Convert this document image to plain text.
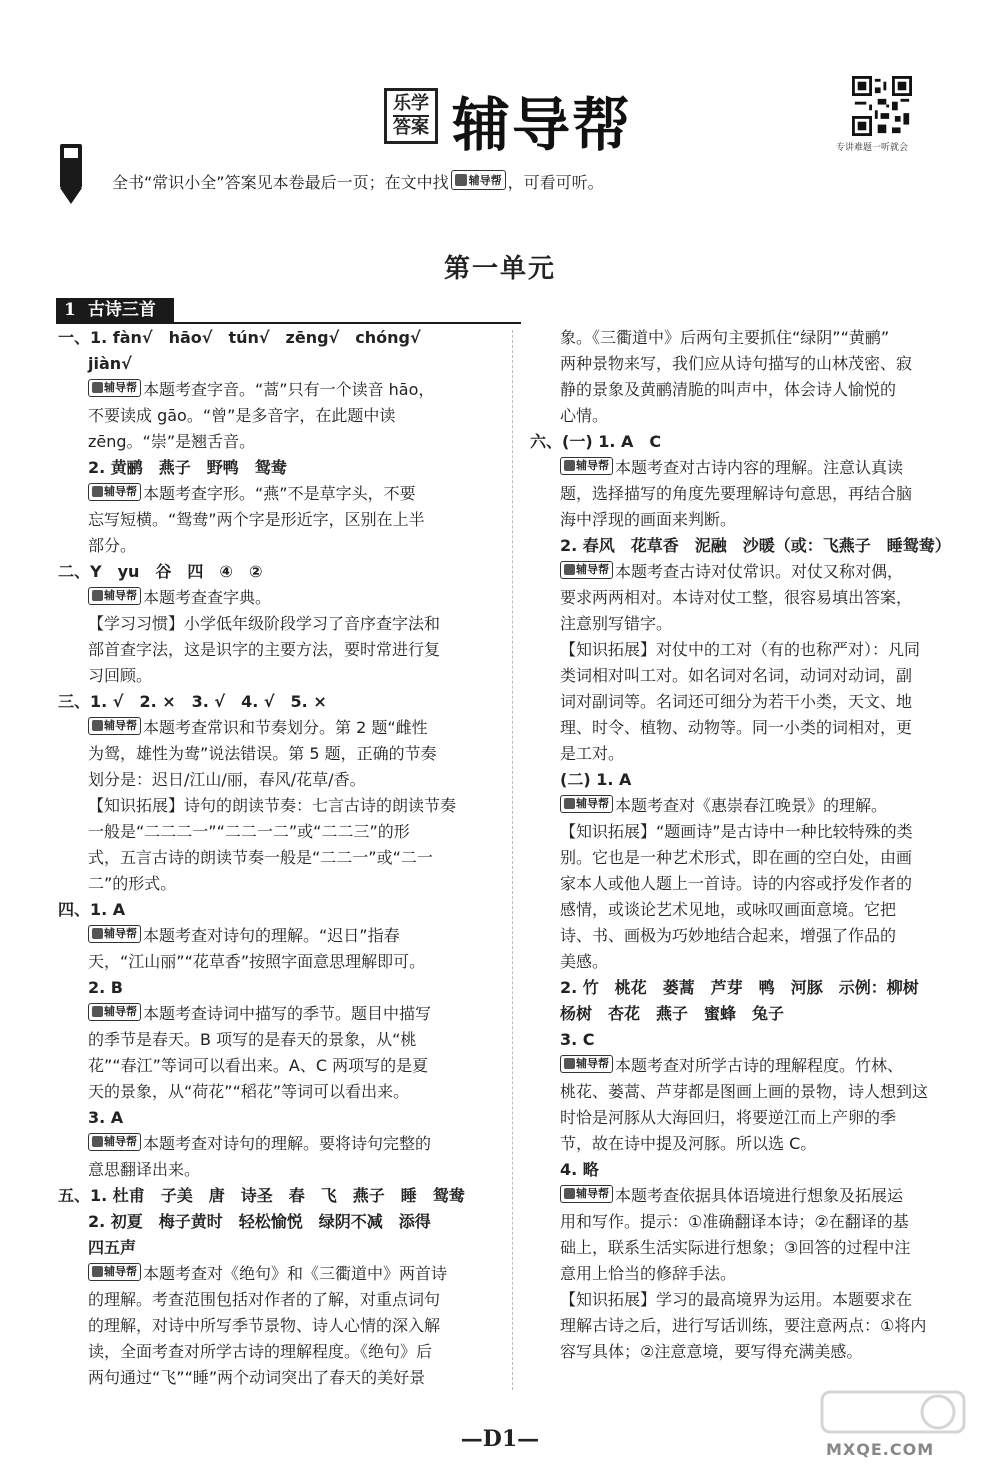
乐学
答案 辅导帮	专讲难题一听就会
全书“常识小全”答案见本卷最后一页；在文中找 辅导帮 ，可看可听。
第一单元
1 古诗三首

一、1. fàn√　hāo√　tún√　zēng√　chóng√

jiàn√

辅导帮 本题考查字音。“蒿”只有一个读音 hāo，

不要读成 gāo。“曾”是多音字，在此题中读

zēng。“崇”是翘舌音。

2. 黄鹂　燕子　野鸭　鸳鸯

辅导帮 本题考查字形。“燕”不是草字头，不要

忘写短横。“鸳鸯”两个字是形近字，区别在上半

部分。

二、Y　yu　谷　四　④　②

辅导帮 本题考查查字典。

【学习习惯】小学低年级阶段学习了音序查字法和

部首查字法，这是识字的主要方法，要时常进行复

习回顾。

三、1. √　2. ×　3. √　4. √　5. ×

辅导帮 本题考查常识和节奏划分。第 2 题“雌性

为鸳，雄性为鸯”说法错误。第 5 题，正确的节奏

划分是：迟日/江山/丽，春风/花草/香。

【知识拓展】诗句的朗读节奏：七言古诗的朗读节奏

一般是“二二二一”“二二一二”或“二二三”的形

式，五言古诗的朗读节奏一般是“二二一”或“二一

二”的形式。

四、1. A

辅导帮 本题考查对诗句的理解。“迟日”指春

天，“江山丽”“花草香”按照字面意思理解即可。

2. B

辅导帮 本题考查诗词中描写的季节。题目中描写

的季节是春天。B 项写的是春天的景象，从“桃

花”“春江”等词可以看出来。A、C 两项写的是夏

天的景象，从“荷花”“稻花”等词可以看出来。

3. A

辅导帮 本题考查对诗句的理解。要将诗句完整的

意思翻译出来。

五、1. 杜甫　子美　唐　诗圣　春　飞　燕子　睡　鸳鸯

2. 初夏　梅子黄时　轻松愉悦　绿阴不减　添得

四五声

辅导帮 本题考查对《绝句》和《三衢道中》两首诗

的理解。考查范围包括对作者的了解，对重点词句

的理解，对诗中所写季节景物、诗人心情的深入解

读，全面考查对所学古诗的理解程度。《绝句》后

两句通过“飞”“睡”两个动词突出了春天的美好景

象。《三衢道中》后两句主要抓住“绿阴”“黄鹂”

两种景物来写，我们应从诗句描写的山林茂密、寂

静的景象及黄鹂清脆的叫声中，体会诗人愉悦的

心情。

六、(一) 1. A　C

辅导帮 本题考查对古诗内容的理解。注意认真读

题，选择描写的角度先要理解诗句意思，再结合脑

海中浮现的画面来判断。

2. 春风　花草香　泥融　沙暖（或：飞燕子　睡鸳鸯）

辅导帮 本题考查古诗对仗常识。对仗又称对偶，

要求两两相对。本诗对仗工整，很容易填出答案，

注意别写错字。

【知识拓展】对仗中的工对（有的也称严对）：凡同

类词相对叫工对。如名词对名词，动词对动词，副

词对副词等。名词还可细分为若干小类，天文、地

理、时令、植物、动物等。同一小类的词相对，更

是工对。

(二) 1. A

辅导帮 本题考查对《惠崇春江晚景》的理解。

【知识拓展】“题画诗”是古诗中一种比较特殊的类

别。它也是一种艺术形式，即在画的空白处，由画

家本人或他人题上一首诗。诗的内容或抒发作者的

感情，或谈论艺术见地，或咏叹画面意境。它把

诗、书、画极为巧妙地结合起来，增强了作品的

美感。

2. 竹　桃花　蒌蒿　芦芽　鸭　河豚　示例：柳树

杨树　杏花　燕子　蜜蜂　兔子

3. C

辅导帮 本题考查对所学古诗的理解程度。竹林、

桃花、蒌蒿、芦芽都是图画上画的景物，诗人想到这

时恰是河豚从大海回归，将要逆江而上产卵的季

节，故在诗中提及河豚。所以选 C。

4. 略

辅导帮 本题考查依据具体语境进行想象及拓展运

用和写作。提示：①准确翻译本诗；②在翻译的基

础上，联系生活实际进行想象；③回答的过程中注

意用上恰当的修辞手法。

【知识拓展】学习的最高境界为运用。本题要求在

理解古诗之后，进行写话训练，要注意两点：①将内

容写具体；②注意意境，要写得充满美感。

—D1—	MXQE.COM
